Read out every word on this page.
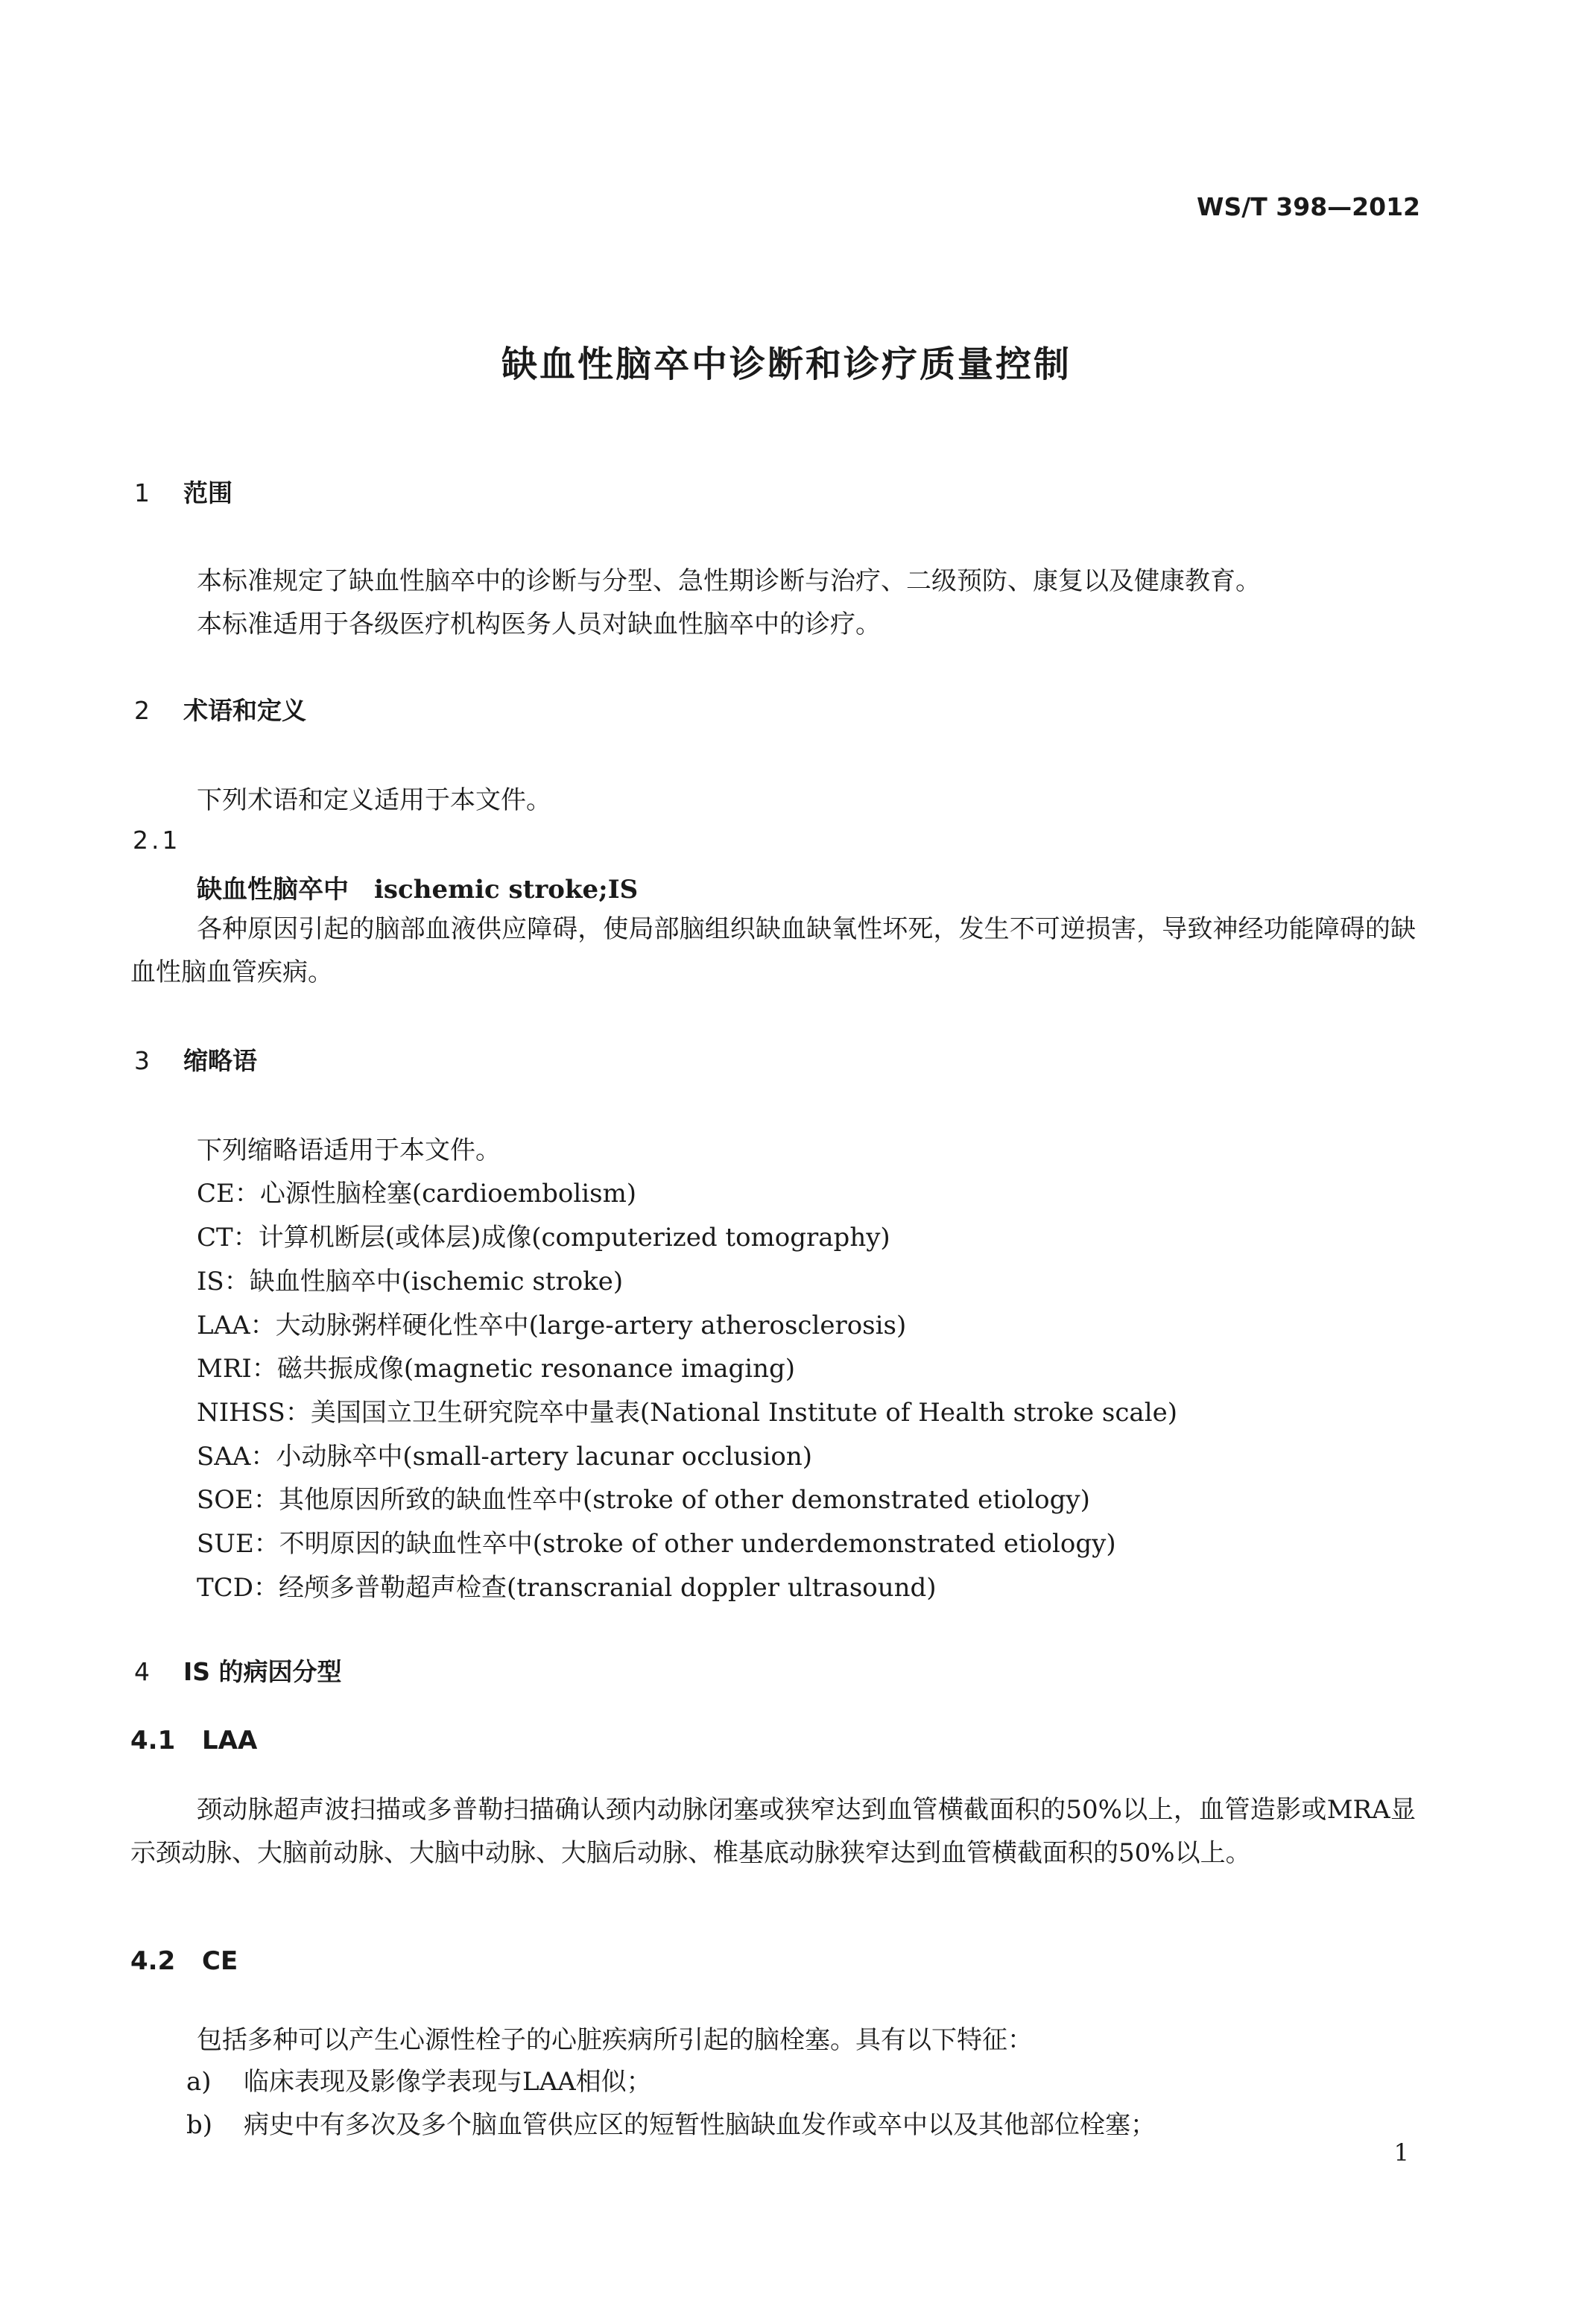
WS/T 398—2012
缺血性脑卒中诊断和诊疗质量控制
1 范围
本标准规定了缺血性脑卒中的诊断与分型、急性期诊断与治疗、二级预防、康复以及健康教育。
本标准适用于各级医疗机构医务人员对缺血性脑卒中的诊疗。
2 术语和定义
下列术语和定义适用于本文件。
2.1
缺血性脑卒中 ischemic stroke;IS
各种原因引起的脑部血液供应障碍，使局部脑组织缺血缺氧性坏死，发生不可逆损害，导致神经功能障碍的缺血性脑血管疾病。
3 缩略语
下列缩略语适用于本文件。
CE：心源性脑栓塞(cardioembolism)
CT：计算机断层(或体层)成像(computerized tomography)
IS：缺血性脑卒中(ischemic stroke)
LAA：大动脉粥样硬化性卒中(large-artery atherosclerosis)
MRI：磁共振成像(magnetic resonance imaging)
NIHSS：美国国立卫生研究院卒中量表(National Institute of Health stroke scale)
SAA：小动脉卒中(small-artery lacunar occlusion)
SOE：其他原因所致的缺血性卒中(stroke of other demonstrated etiology)
SUE：不明原因的缺血性卒中(stroke of other underdemonstrated etiology)
TCD：经颅多普勒超声检查(transcranial doppler ultrasound)
4 IS 的病因分型
4.1 LAA
颈动脉超声波扫描或多普勒扫描确认颈内动脉闭塞或狭窄达到血管横截面积的50%以上，血管造影或MRA显示颈动脉、大脑前动脉、大脑中动脉、大脑后动脉、椎基底动脉狭窄达到血管横截面积的50%以上。
4.2 CE
包括多种可以产生心源性栓子的心脏疾病所引起的脑栓塞。具有以下特征：
a) 临床表现及影像学表现与LAA相似；
b) 病史中有多次及多个脑血管供应区的短暂性脑缺血发作或卒中以及其他部位栓塞；
1
